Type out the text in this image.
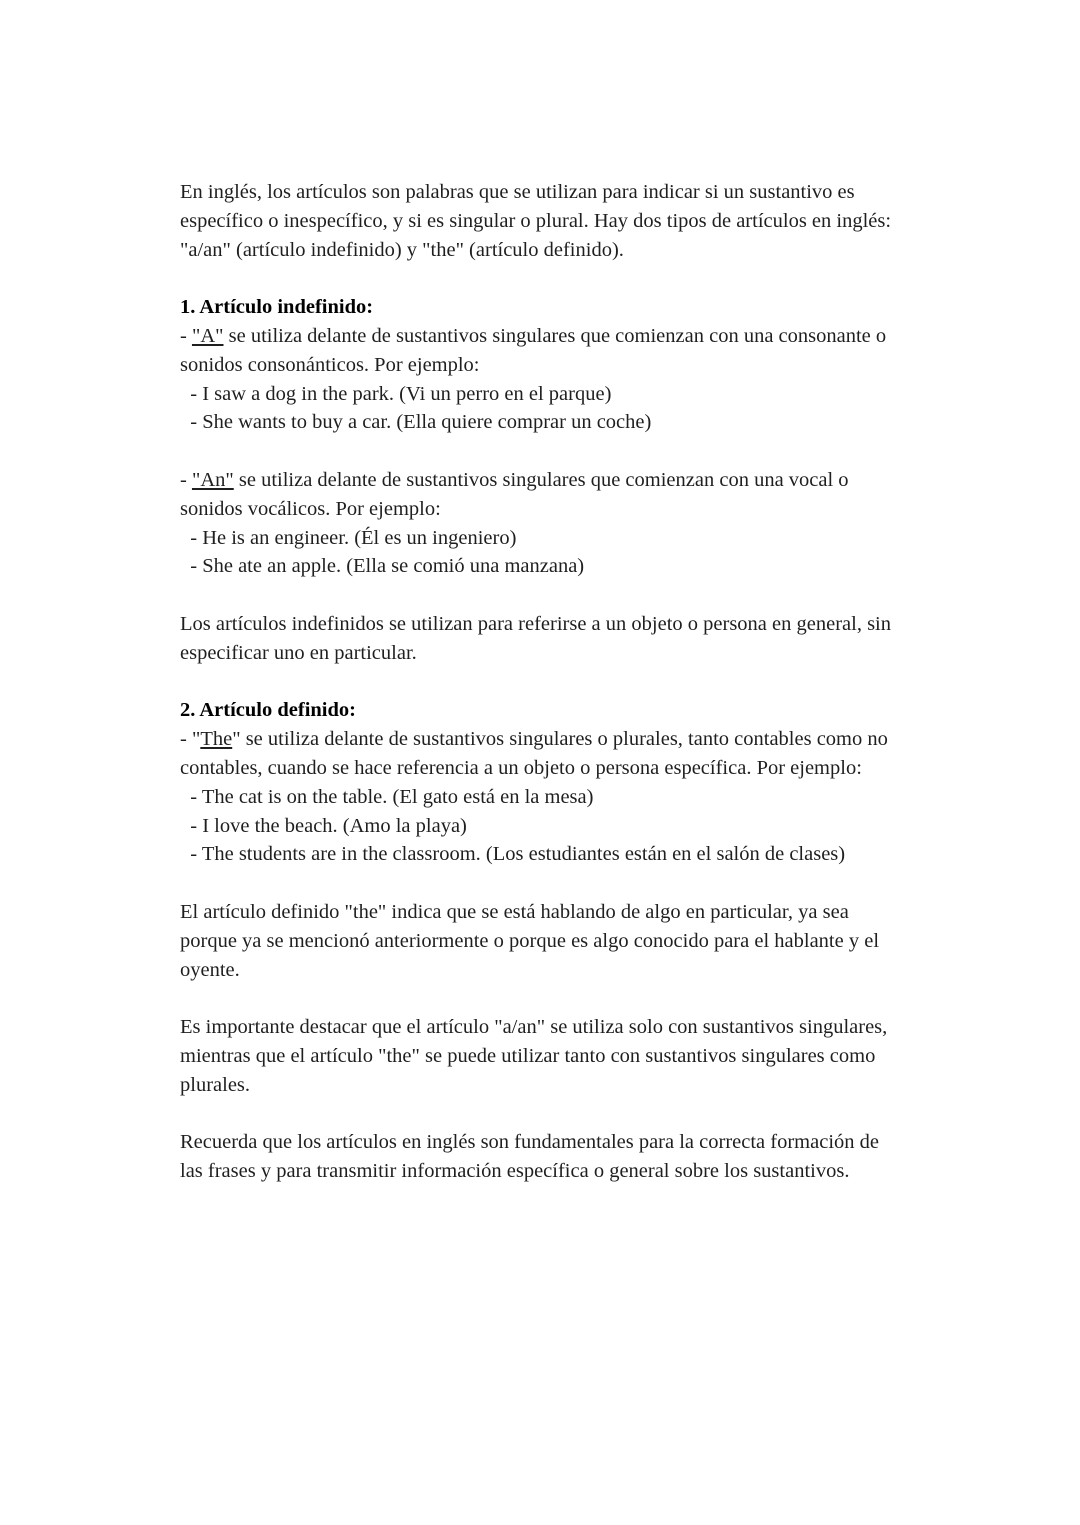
En inglés, los artículos son palabras que se utilizan para indicar si un sustantivo es
específico o inespecífico, y si es singular o plural. Hay dos tipos de artículos en inglés:
"a/an" (artículo indefinido) y "the" (artículo definido).
1. Artículo indefinido:
- "A" se utiliza delante de sustantivos singulares que comienzan con una consonante o
sonidos consonánticos. Por ejemplo:
- I saw a dog in the park. (Vi un perro en el parque)
- She wants to buy a car. (Ella quiere comprar un coche)
- "An" se utiliza delante de sustantivos singulares que comienzan con una vocal o
sonidos vocálicos. Por ejemplo:
- He is an engineer. (Él es un ingeniero)
- She ate an apple. (Ella se comió una manzana)
Los artículos indefinidos se utilizan para referirse a un objeto o persona en general, sin
especificar uno en particular.
2. Artículo definido:
- "The" se utiliza delante de sustantivos singulares o plurales, tanto contables como no
contables, cuando se hace referencia a un objeto o persona específica. Por ejemplo:
- The cat is on the table. (El gato está en la mesa)
- I love the beach. (Amo la playa)
- The students are in the classroom. (Los estudiantes están en el salón de clases)
El artículo definido "the" indica que se está hablando de algo en particular, ya sea
porque ya se mencionó anteriormente o porque es algo conocido para el hablante y el
oyente.
Es importante destacar que el artículo "a/an" se utiliza solo con sustantivos singulares,
mientras que el artículo "the" se puede utilizar tanto con sustantivos singulares como
plurales.
Recuerda que los artículos en inglés son fundamentales para la correcta formación de
las frases y para transmitir información específica o general sobre los sustantivos.
